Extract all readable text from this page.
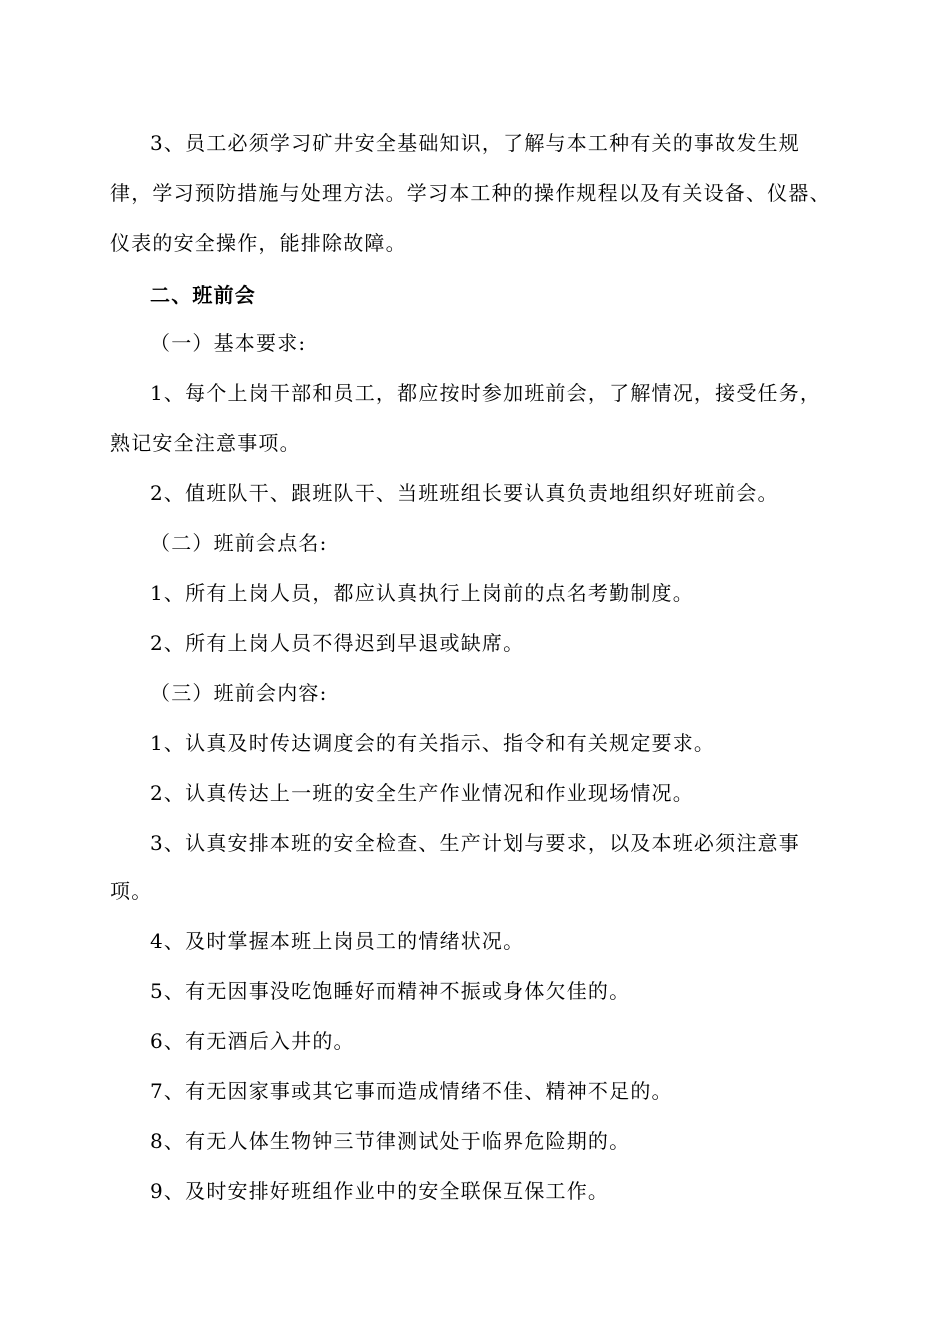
3、员工必须学习矿井安全基础知识，了解与本工种有关的事故发生规
律，学习预防措施与处理方法。学习本工种的操作规程以及有关设备、仪器、
仪表的安全操作，能排除故障。
二、班前会
（一）基本要求:
1、每个上岗干部和员工，都应按时参加班前会，了解情况，接受任务，
熟记安全注意事项。
2、值班队干、跟班队干、当班班组长要认真负责地组织好班前会。
（二）班前会点名:
1、所有上岗人员，都应认真执行上岗前的点名考勤制度。
2、所有上岗人员不得迟到早退或缺席。
（三）班前会内容:
1、认真及时传达调度会的有关指示、指令和有关规定要求。
2、认真传达上一班的安全生产作业情况和作业现场情况。
3、认真安排本班的安全检查、生产计划与要求，以及本班必须注意事
项。
4、及时掌握本班上岗员工的情绪状况。
5、有无因事没吃饱睡好而精神不振或身体欠佳的。
6、有无酒后入井的。
7、有无因家事或其它事而造成情绪不佳、精神不足的。
8、有无人体生物钟三节律测试处于临界危险期的。
9、及时安排好班组作业中的安全联保互保工作。
